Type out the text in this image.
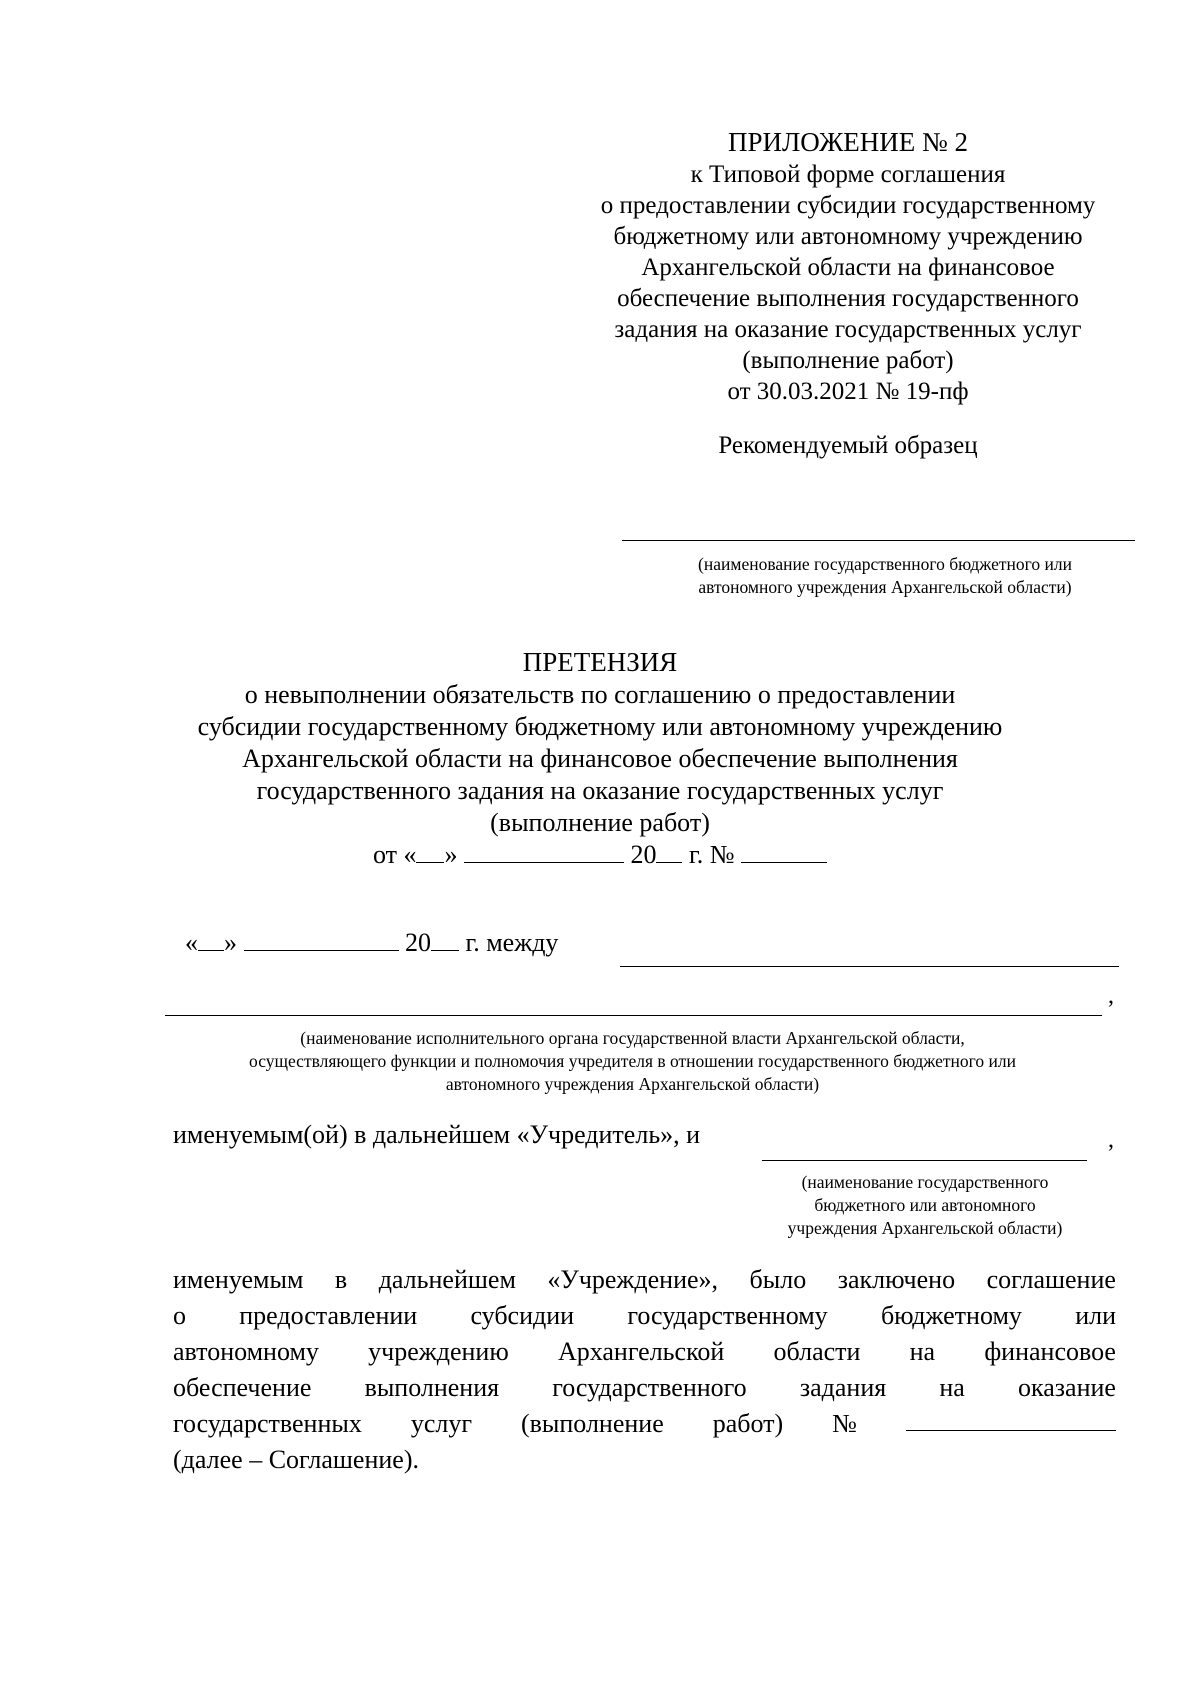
ПРИЛОЖЕНИЕ № 2
к Типовой форме соглашения
о предоставлении субсидии государственному
бюджетному или автономному учреждению
Архангельской области на финансовое
обеспечение выполнения государственного
задания на оказание государственных услуг
(выполнение работ)
от 30.03.2021 № 19-пф
Рекомендуемый образец
(наименование государственного бюджетного или
автономного учреждения Архангельской области)
ПРЕТЕНЗИЯ
о невыполнении обязательств по соглашению о предоставлении
субсидии государственному бюджетному или автономному учреждению
Архангельской области на финансовое обеспечение выполнения
государственного задания на оказание государственных услуг
(выполнение работ)
от « »	20 г. №
« »	20 г. между
,
(наименование исполнительного органа государственной власти Архангельской области,
осуществляющего функции и полномочия учредителя в отношении государственного бюджетного или
автономного учреждения Архангельской области)
именуемым(ой) в дальнейшем «Учредитель», и	,
(наименование государственного
бюджетного или автономного
учреждения Архангельской области)
именуемым в дальнейшем «Учреждение», было заключено соглашение
о предоставлении субсидии государственному бюджетному или
автономному учреждению Архангельской области на финансовое
обеспечение выполнения государственного задания на оказание
государственных услуг (выполнение работ) №
(далее – Соглашение).
